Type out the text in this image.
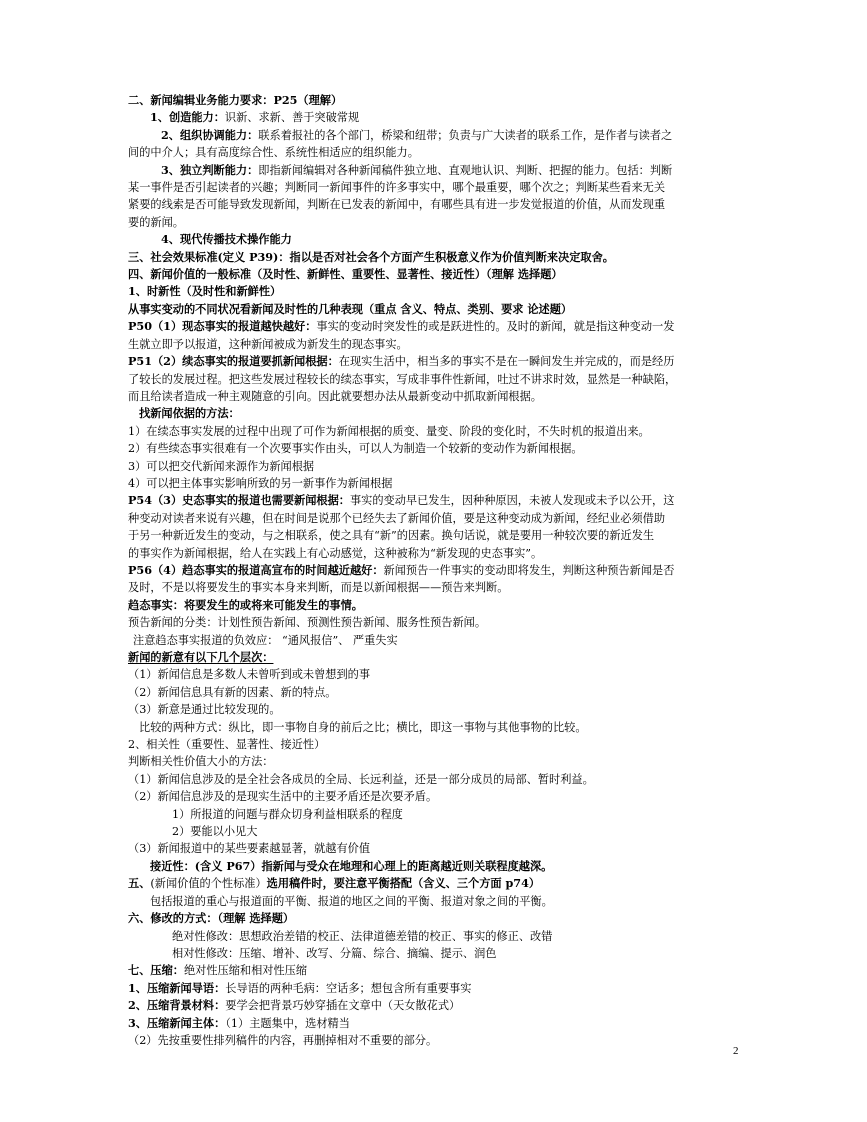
二、新闻编辑业务能力要求：P25（理解）
1、创造能力：识新、求新、善于突破常规
2、组织协调能力：联系着报社的各个部门，桥梁和纽带；负责与广大读者的联系工作，是作者与读者之
间的中介人；具有高度综合性、系统性相适应的组织能力。
3、独立判断能力：即指新闻编辑对各种新闻稿件独立地、直观地认识、判断、把握的能力。包括：判断
某一事件是否引起读者的兴趣；判断同一新闻事件的许多事实中，哪个最重要，哪个次之；判断某些看来无关
紧要的线索是否可能导致发现新闻，判断在已发表的新闻中，有哪些具有进一步发觉报道的价值，从而发现重
要的新闻。
4、现代传播技术操作能力
三、社会效果标准(定义 P39)：指以是否对社会各个方面产生积极意义作为价值判断来决定取舍。
四、新闻价值的一般标准（及时性、新鲜性、重要性、显著性、接近性）（理解 选择题）
1、时新性（及时性和新鲜性）
从事实变动的不同状况看新闻及时性的几种表现（重点 含义、特点、类别、要求 论述题）
P50（1）现态事实的报道越快越好：事实的变动时突发性的或是跃进性的。及时的新闻，就是指这种变动一发
生就立即予以报道，这种新闻被成为新发生的现态事实。
P51（2）续态事实的报道要抓新闻根据：在现实生活中，相当多的事实不是在一瞬间发生并完成的，而是经历
了较长的发展过程。把这些发展过程较长的续态事实，写成非事件性新闻，吐过不讲求时效，显然是一种缺陷，
而且给读者造成一种主观随意的引向。因此就要想办法从最新变动中抓取新闻根据。
找新闻依据的方法：
1）在续态事实发展的过程中出现了可作为新闻根据的质变、量变、阶段的变化时，不失时机的报道出来。
2）有些续态事实很难有一个次要事实作由头，可以人为制造一个较新的变动作为新闻根据。
3）可以把交代新闻来源作为新闻根据
4）可以把主体事实影响所致的另一新事作为新闻根据
P54（3）史态事实的报道也需要新闻根据：事实的变动早已发生，因种种原因，未被人发现或未予以公开，这
种变动对读者来说有兴趣，但在时间是说那个已经失去了新闻价值，要是这种变动成为新闻，经纪业必须借助
于另一种新近发生的变动，与之相联系，使之具有“新”的因素。换句话说，就是要用一种较次要的新近发生
的事实作为新闻根据，给人在实践上有心动感觉，这种被称为“新发现的史态事实”。
P56（4）趋态事实的报道高宣布的时间越近越好：新闻预告一件事实的变动即将发生，判断这种预告新闻是否
及时，不是以将要发生的事实本身来判断，而是以新闻根据——预告来判断。
趋态事实：将要发生的或将来可能发生的事情。
预告新闻的分类：计划性预告新闻、预测性预告新闻、服务性预告新闻。
注意趋态事实报道的负效应： “通风报信”、 严重失实
新闻的新意有以下几个层次：
（1）新闻信息是多数人未曾听到或未曾想到的事
（2）新闻信息具有新的因素、新的特点。
（3）新意是通过比较发现的。
比较的两种方式：纵比，即一事物自身的前后之比；横比，即这一事物与其他事物的比较。
2、相关性（重要性、显著性、接近性）
判断相关性价值大小的方法：
（1）新闻信息涉及的是全社会各成员的全局、长远利益，还是一部分成员的局部、暂时利益。
（2）新闻信息涉及的是现实生活中的主要矛盾还是次要矛盾。
1）所报道的问题与群众切身利益相联系的程度
2）要能以小见大
（3）新闻报道中的某些要素越显著，就越有价值
接近性：(含义 P67）指新闻与受众在地理和心理上的距离越近则关联程度越深。
五、(新闻价值的个性标准）选用稿件时，要注意平衡搭配（含义、三个方面 p74）
包括报道的重心与报道面的平衡、报道的地区之间的平衡、报道对象之间的平衡。
六、修改的方式：（理解 选择题）
绝对性修改：思想政治差错的校正、法律道德差错的校正、事实的修正、改错
相对性修改：压缩、增补、改写、分篇、综合、摘编、提示、润色
七、压缩：绝对性压缩和相对性压缩
1、压缩新闻导语：长导语的两种毛病：空话多；想包含所有重要事实
2、压缩背景材料：要学会把背景巧妙穿插在文章中（天女散花式）
3、压缩新闻主体：（1）主题集中，选材精当
（2）先按重要性排列稿件的内容，再删掉相对不重要的部分。
2
